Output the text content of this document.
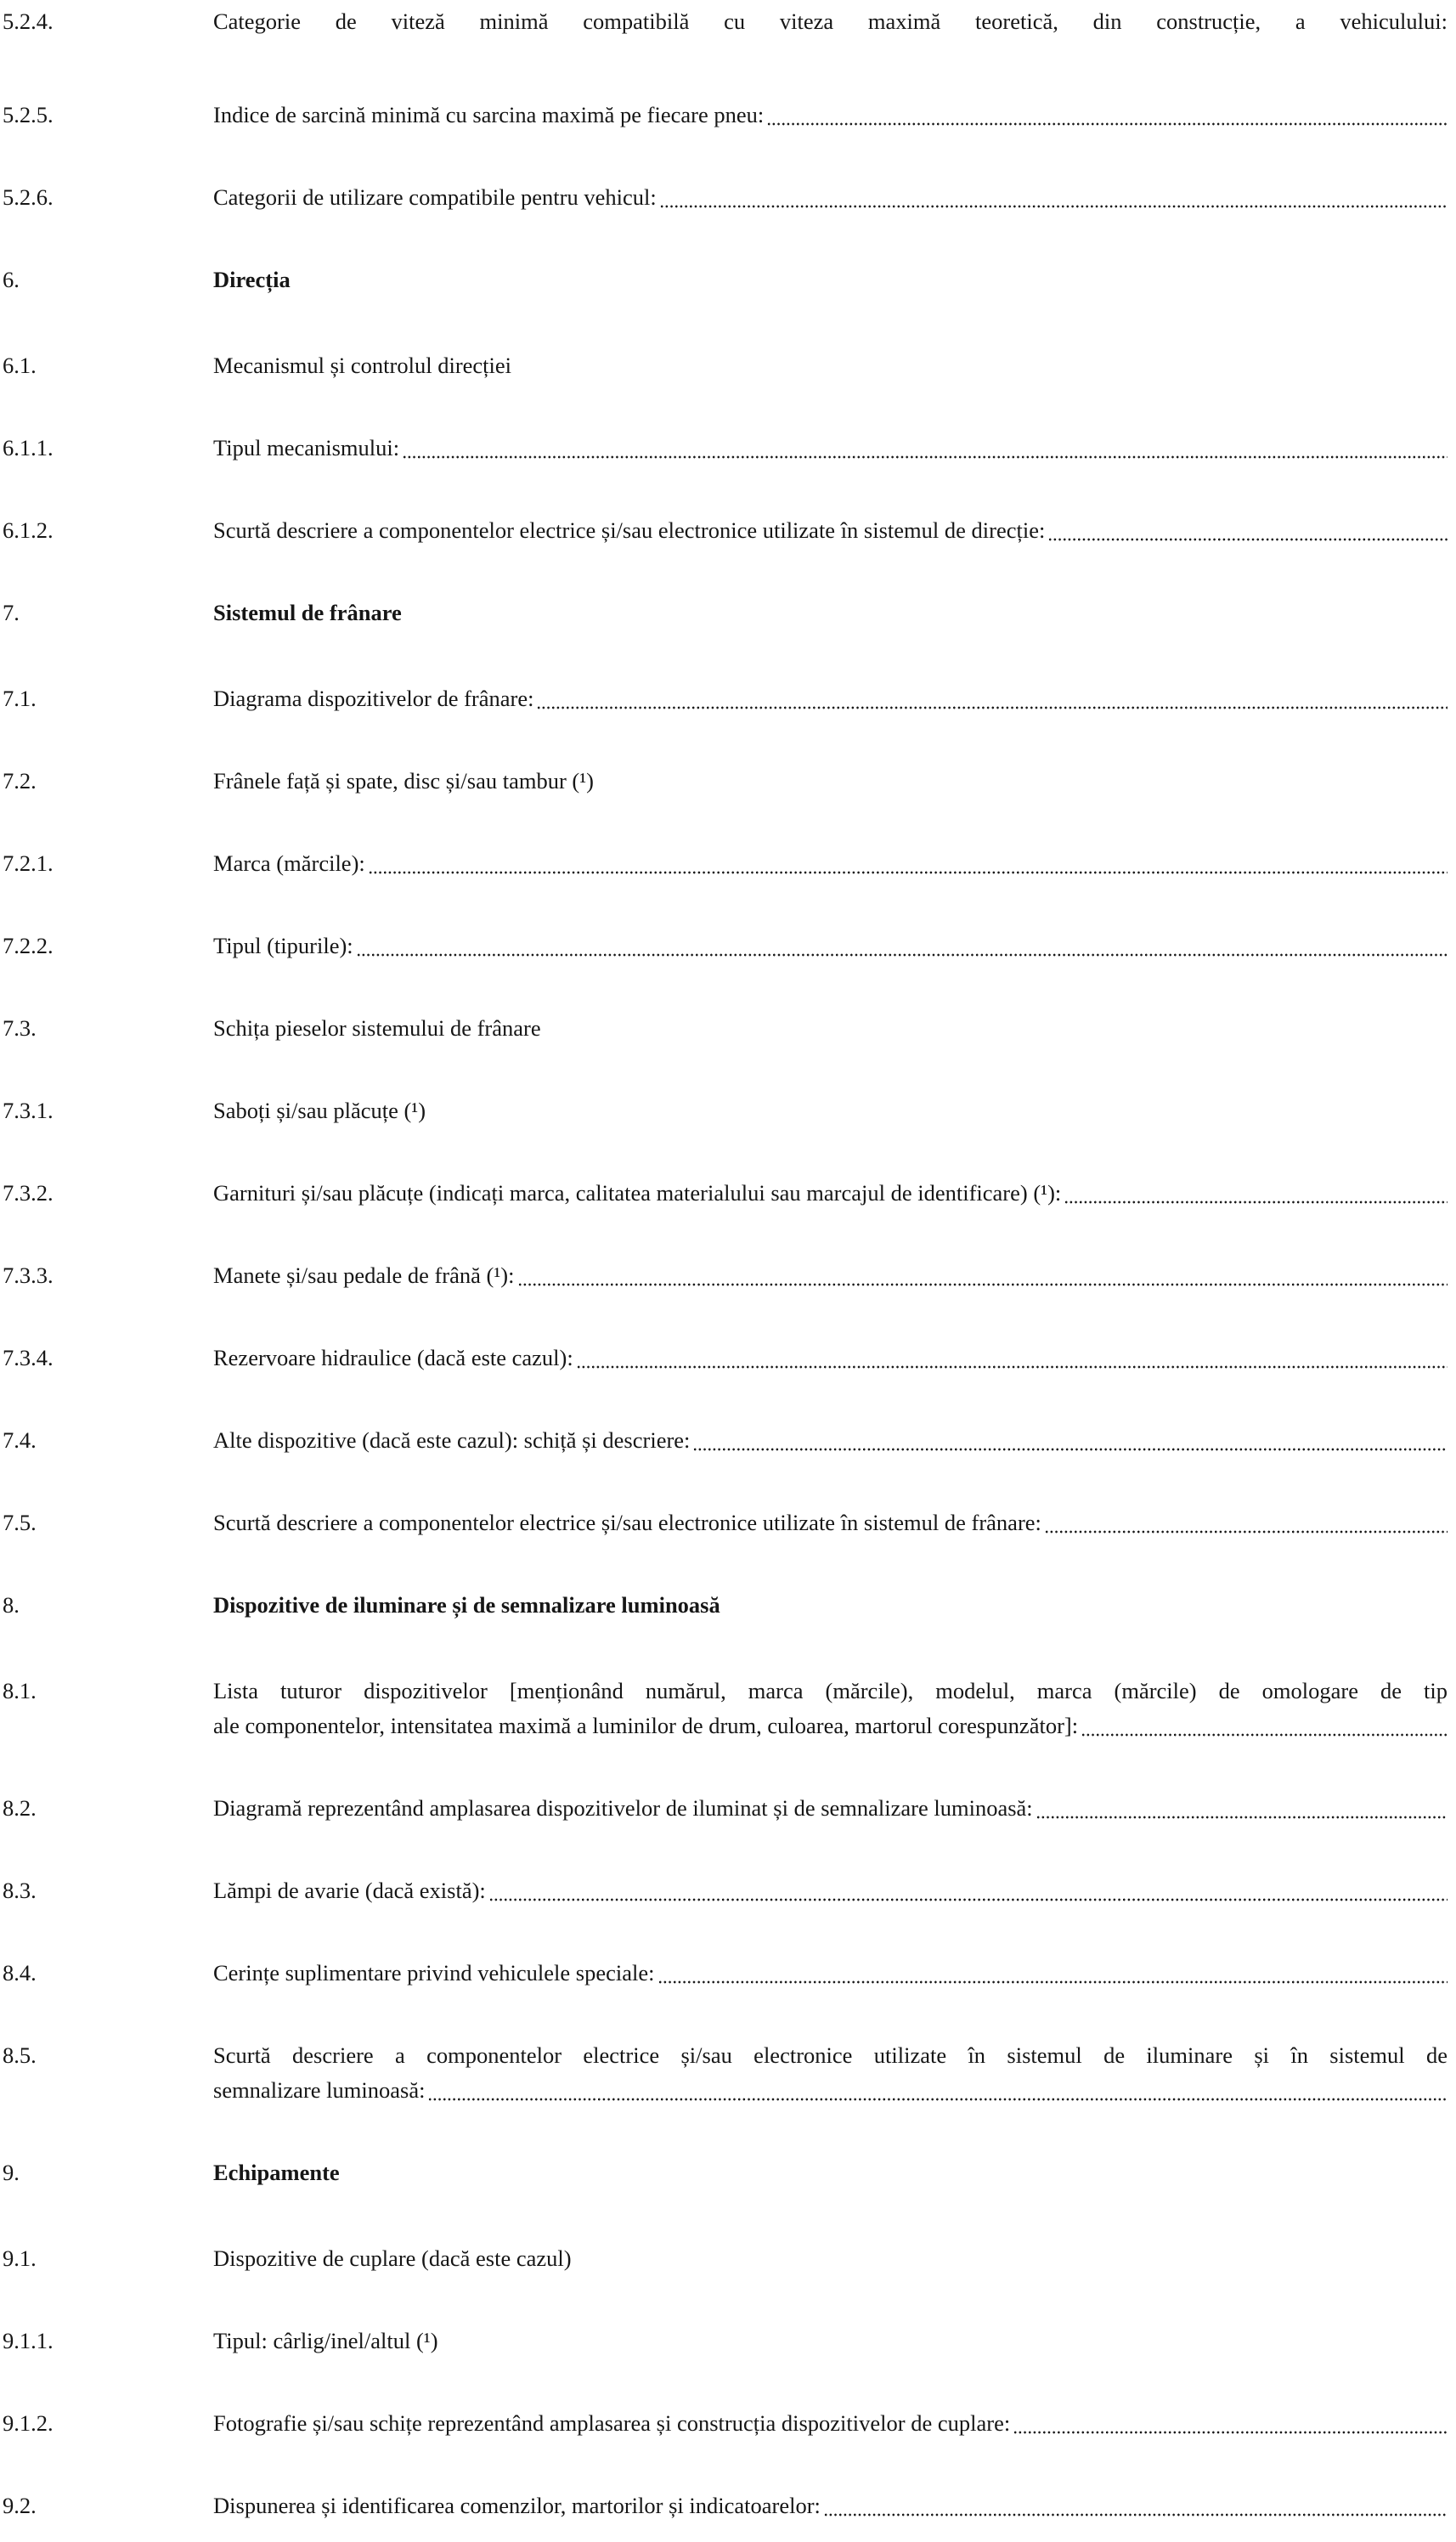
5.2.4.	Categorie de viteză minimă compatibilă cu viteza maximă teoretică, din construcție, a vehiculului:
5.2.5.	Indice de sarcină minimă cu sarcina maximă pe fiecare pneu:
5.2.6.	Categorii de utilizare compatibile pentru vehicul:
6.	Direcția
6.1.	Mecanismul și controlul direcției
6.1.1.	Tipul mecanismului:
6.1.2.	Scurtă descriere a componentelor electrice și/sau electronice utilizate în sistemul de direcție:
7.	Sistemul de frânare
7.1.	Diagrama dispozitivelor de frânare:
7.2.	Frânele față și spate, disc și/sau tambur (¹)
7.2.1.	Marca (mărcile):
7.2.2.	Tipul (tipurile):
7.3.	Schița pieselor sistemului de frânare
7.3.1.	Saboți și/sau plăcuțe (¹)
7.3.2.	Garnituri și/sau plăcuțe (indicați marca, calitatea materialului sau marcajul de identificare) (¹):
7.3.3.	Manete și/sau pedale de frână (¹):
7.3.4.	Rezervoare hidraulice (dacă este cazul):
7.4.	Alte dispozitive (dacă este cazul): schiță și descriere:
7.5.	Scurtă descriere a componentelor electrice și/sau electronice utilizate în sistemul de frânare:
8.	Dispozitive de iluminare și de semnalizare luminoasă
8.1.	Lista tuturor dispozitivelor [menționând numărul, marca (mărcile), modelul, marca (mărcile) de omologare de tip
ale componentelor, intensitatea maximă a luminilor de drum, culoarea, martorul corespunzător]:
8.2.	Diagramă reprezentând amplasarea dispozitivelor de iluminat și de semnalizare luminoasă:
8.3.	Lămpi de avarie (dacă există):
8.4.	Cerințe suplimentare privind vehiculele speciale:
8.5.	Scurtă descriere a componentelor electrice și/sau electronice utilizate în sistemul de iluminare și în sistemul de
semnalizare luminoasă:
9.	Echipamente
9.1.	Dispozitive de cuplare (dacă este cazul)
9.1.1.	Tipul: cârlig/inel/altul (¹)
9.1.2.	Fotografie și/sau schițe reprezentând amplasarea și construcția dispozitivelor de cuplare:
9.2.	Dispunerea și identificarea comenzilor, martorilor și indicatoarelor:
